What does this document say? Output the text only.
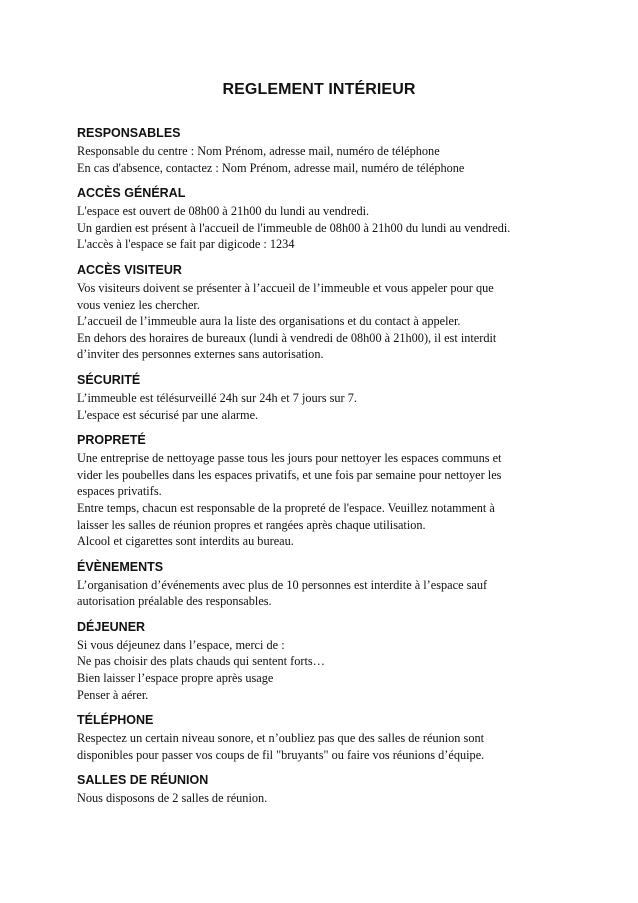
REGLEMENT INTÉRIEUR
RESPONSABLES
Responsable du centre : Nom Prénom, adresse mail, numéro de téléphone
En cas d'absence, contactez : Nom Prénom, adresse mail, numéro de téléphone
ACCÈS GÉNÉRAL
L'espace est ouvert de 08h00 à 21h00 du lundi au vendredi.
Un gardien est présent à l'accueil de l'immeuble de 08h00 à 21h00 du lundi au vendredi.
L'accès à l'espace se fait par digicode : 1234
ACCÈS VISITEUR
Vos visiteurs doivent se présenter à l’accueil de l’immeuble et vous appeler pour que
vous veniez les chercher.
L’accueil de l’immeuble aura la liste des organisations et du contact à appeler.
En dehors des horaires de bureaux (lundi à vendredi de 08h00 à 21h00), il est interdit
d’inviter des personnes externes sans autorisation.
SÉCURITÉ
L’immeuble est télésurveillé 24h sur 24h et 7 jours sur 7.
L'espace est sécurisé par une alarme.
PROPRETÉ
Une entreprise de nettoyage passe tous les jours pour nettoyer les espaces communs et
vider les poubelles dans les espaces privatifs, et une fois par semaine pour nettoyer les
espaces privatifs.
Entre temps, chacun est responsable de la propreté de l'espace. Veuillez notamment à
laisser les salles de réunion propres et rangées après chaque utilisation.
Alcool et cigarettes sont interdits au bureau.
ÉVÈNEMENTS
L’organisation d’événements avec plus de 10 personnes est interdite à l’espace sauf
autorisation préalable des responsables.
DÉJEUNER
Si vous déjeunez dans l’espace, merci de :
Ne pas choisir des plats chauds qui sentent forts…
Bien laisser l’espace propre après usage
Penser à aérer.
TÉLÉPHONE
Respectez un certain niveau sonore, et n’oubliez pas que des salles de réunion sont
disponibles pour passer vos coups de fil "bruyants" ou faire vos réunions d’équipe.
SALLES DE RÉUNION
Nous disposons de 2 salles de réunion.
